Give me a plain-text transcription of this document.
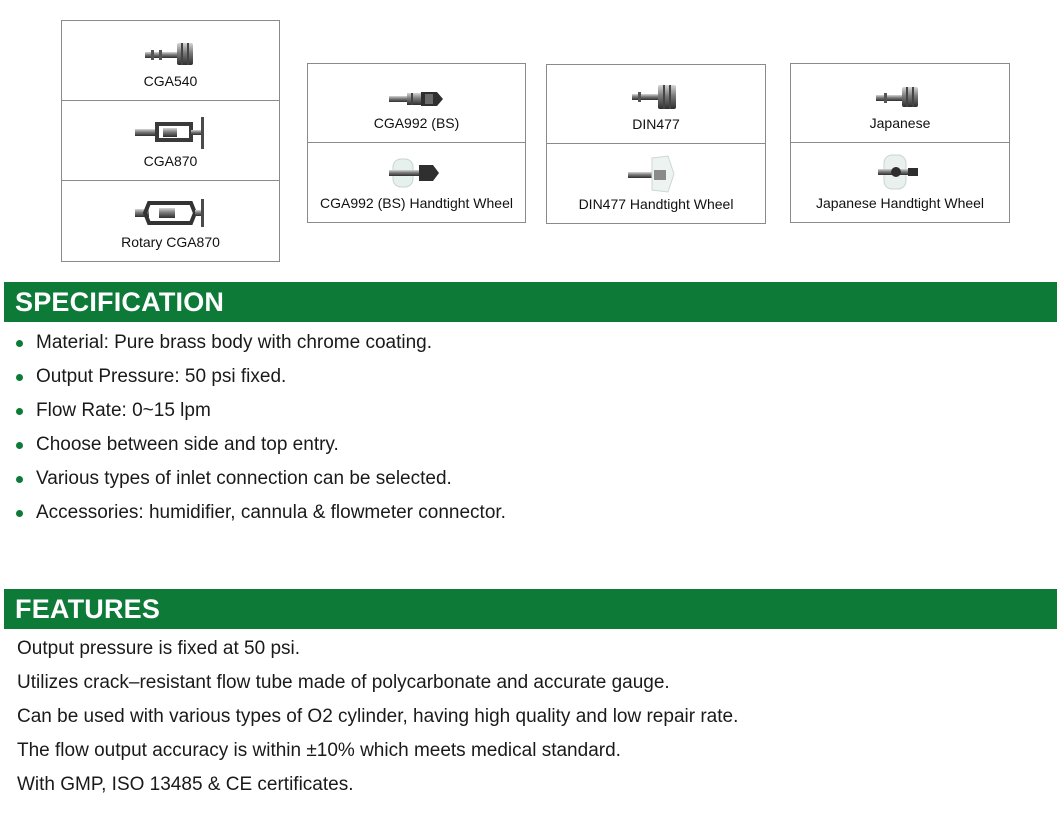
CGA540
CGA870
Rotary CGA870
CGA992 (BS)
CGA992 (BS) Handtight Wheel
DIN477
DIN477 Handtight Wheel
Japanese
Japanese Handtight Wheel
SPECIFICATION
Material: Pure brass body with chrome coating.
Output Pressure: 50 psi fixed.
Flow Rate: 0~15 lpm
Choose between side and top entry.
Various types of inlet connection can be selected.
Accessories: humidifier, cannula & flowmeter connector.
FEATURES
Output pressure is fixed at 50 psi.
Utilizes crack–resistant flow tube made of polycarbonate and accurate gauge.
Can be used with various types of O2 cylinder, having high quality and low repair rate.
The flow output accuracy is within ±10% which meets medical standard.
With GMP, ISO 13485 & CE certificates.
